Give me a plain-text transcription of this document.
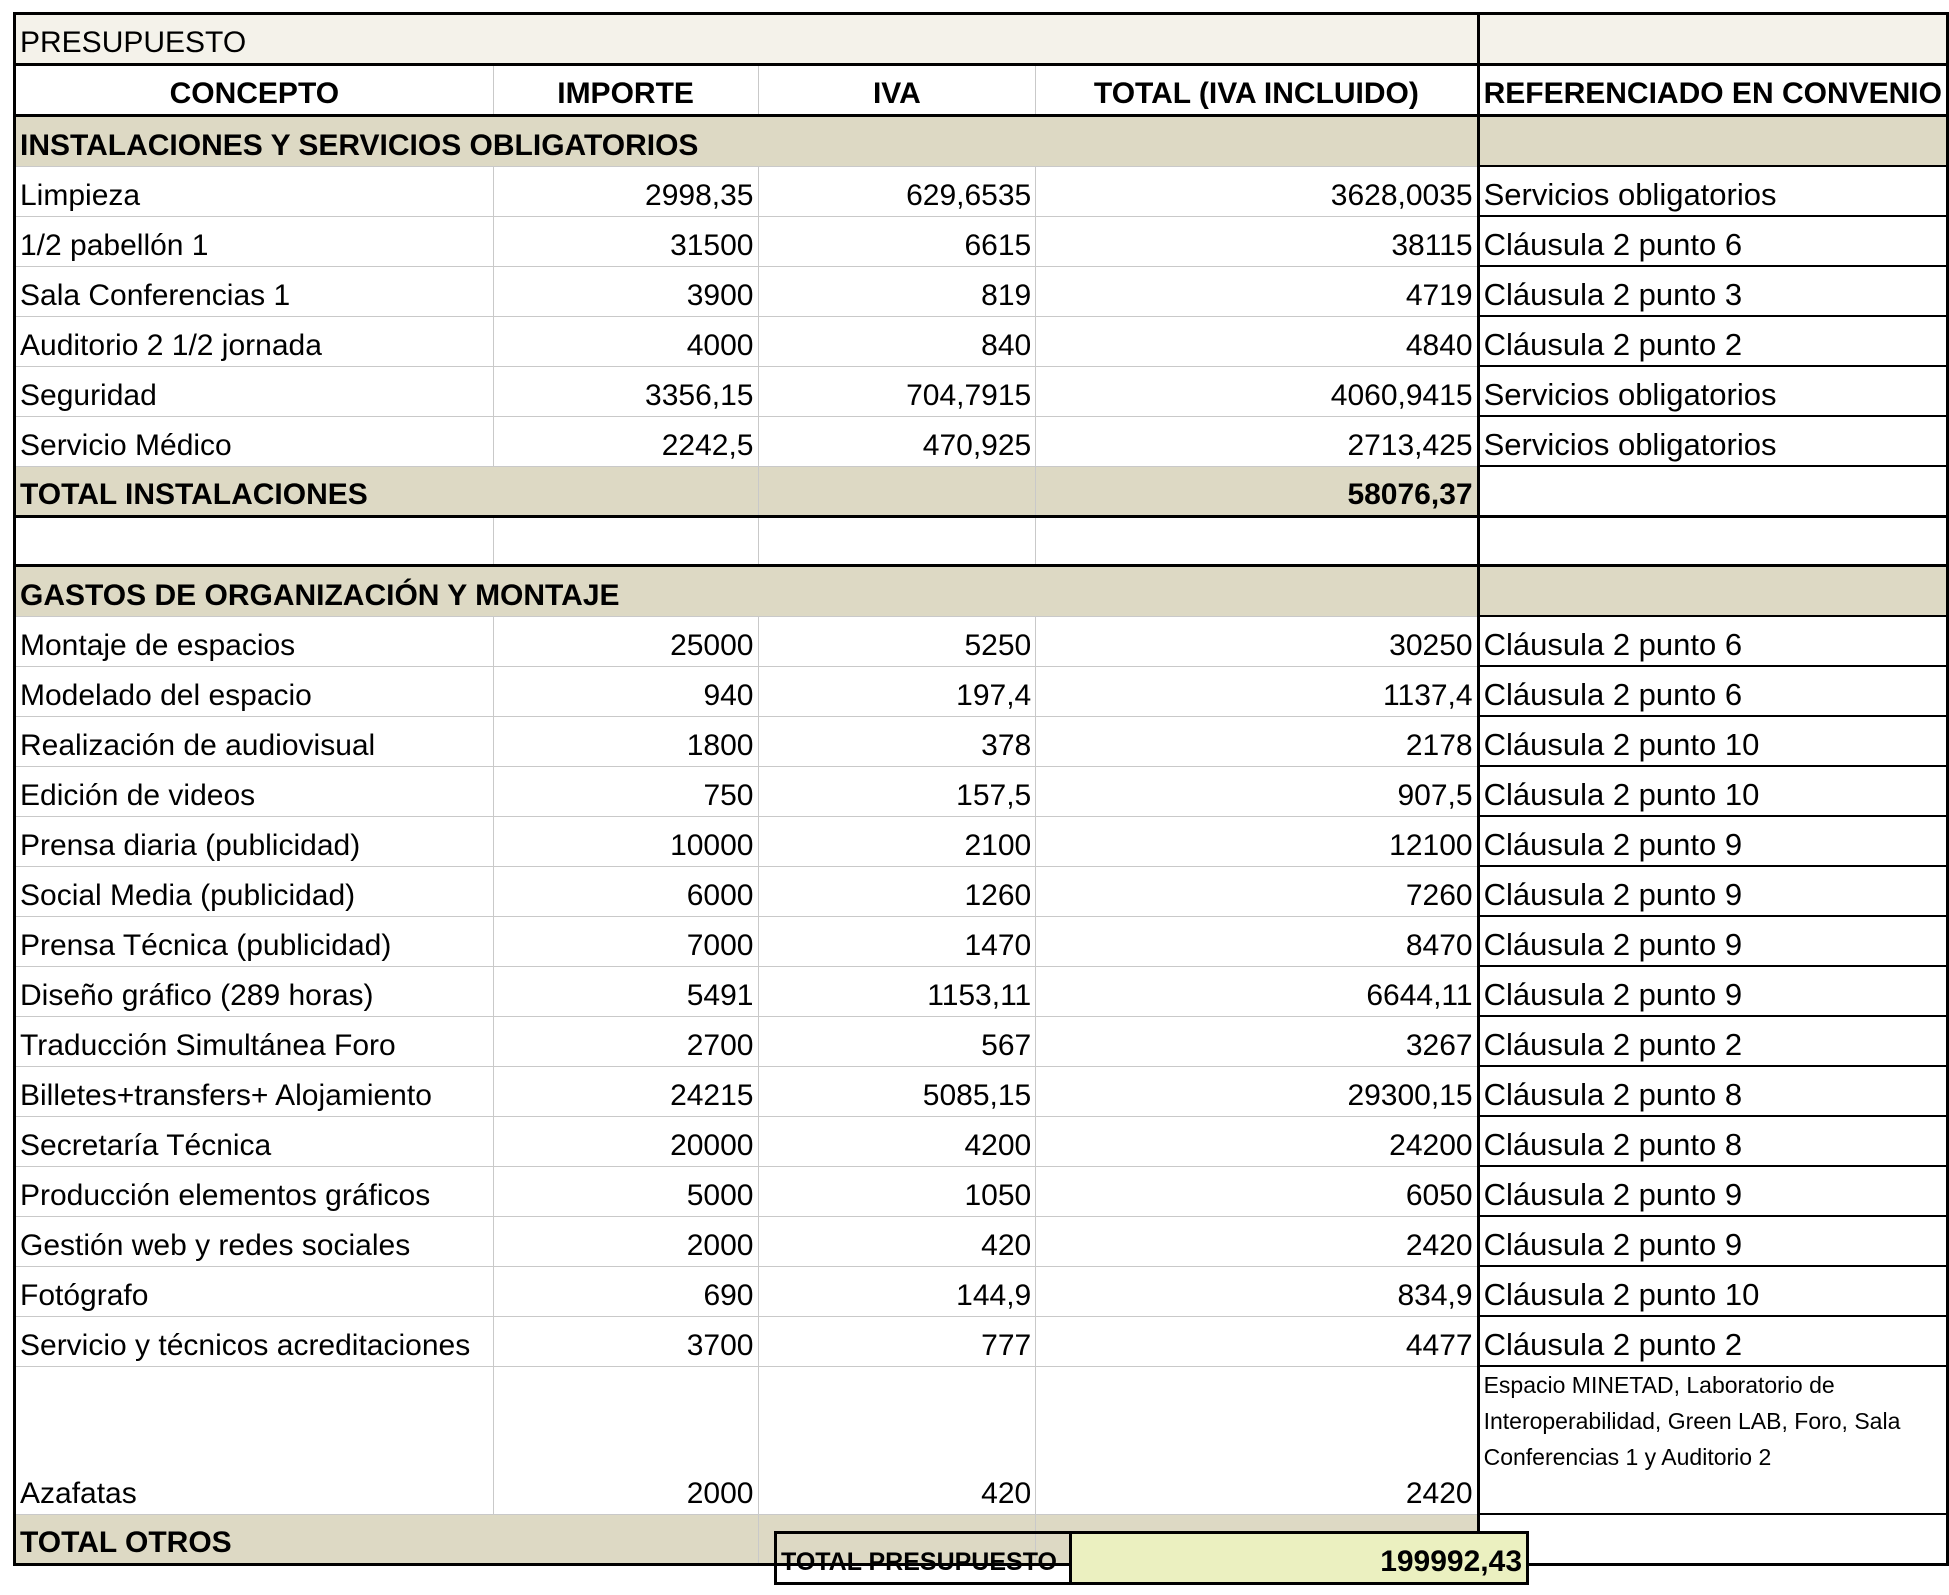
PRESUPUESTO				
CONCEPTO	IMPORTE	IVA	TOTAL (IVA INCLUIDO)	REFERENCIADO EN CONVENIO
INSTALACIONES Y SERVICIOS OBLIGATORIOS				
Limpieza	2998,35	629,6535	3628,0035	Servicios obligatorios
1/2 pabellón 1	31500	6615	38115	Cláusula 2 punto 6
Sala Conferencias 1	3900	819	4719	Cláusula 2 punto 3
Auditorio 2 1/2 jornada	4000	840	4840	Cláusula 2 punto 2
Seguridad	3356,15	704,7915	4060,9415	Servicios obligatorios
Servicio Médico	2242,5	470,925	2713,425	Servicios obligatorios
TOTAL INSTALACIONES			58076,37	

GASTOS DE ORGANIZACIÓN Y MONTAJE				
Montaje de espacios	25000	5250	30250	Cláusula 2 punto 6
Modelado del espacio	940	197,4	1137,4	Cláusula 2 punto 6
Realización de audiovisual	1800	378	2178	Cláusula 2 punto 10
Edición de videos	750	157,5	907,5	Cláusula 2 punto 10
Prensa diaria (publicidad)	10000	2100	12100	Cláusula 2 punto 9
Social Media (publicidad)	6000	1260	7260	Cláusula 2 punto 9
Prensa Técnica (publicidad)	7000	1470	8470	Cláusula 2 punto 9
Diseño gráfico (289 horas)	5491	1153,11	6644,11	Cláusula 2 punto 9
Traducción Simultánea Foro	2700	567	3267	Cláusula 2 punto 2
Billetes+transfers+ Alojamiento	24215	5085,15	29300,15	Cláusula 2 punto 8
Secretaría Técnica	20000	4200	24200	Cláusula 2 punto 8
Producción elementos gráficos	5000	1050	6050	Cláusula 2 punto 9
Gestión web y redes sociales	2000	420	2420	Cláusula 2 punto 9
Fotógrafo	690	144,9	834,9	Cláusula 2 punto 10
Servicio y técnicos acreditaciones	3700	777	4477	Cláusula 2 punto 2
Azafatas	2000	420	2420	Espacio MINETAD, Laboratorio de Interoperabilidad, Green LAB, Foro, Sala Conferencias 1 y Auditorio 2
TOTAL OTROS			
TOTAL PRESUPUESTO	199992,43
